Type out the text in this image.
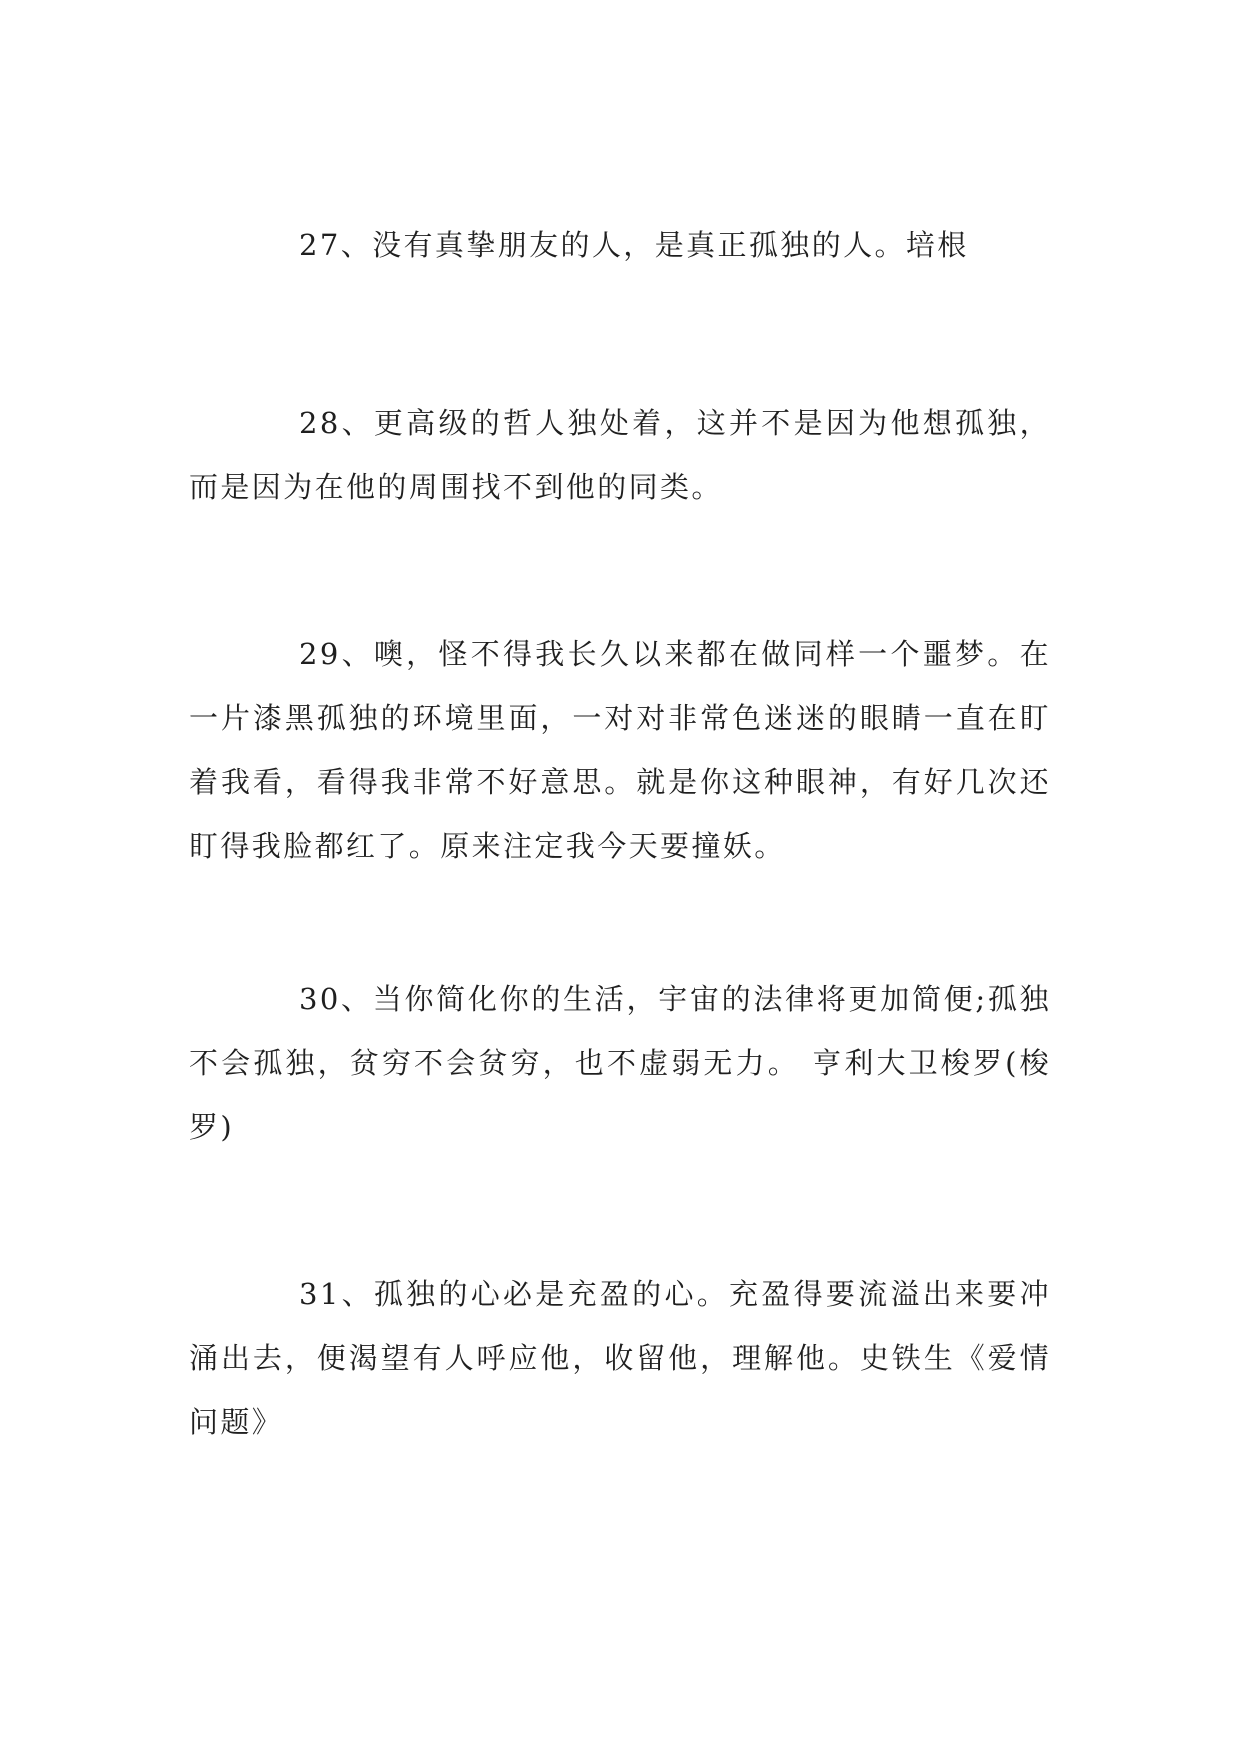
27、没有真挚朋友的人，是真正孤独的人。培根

28、更高级的哲人独处着，这并不是因为他想孤独，而是因为在他的周围找不到他的同类。

29、噢，怪不得我长久以来都在做同样一个噩梦。在一片漆黑孤独的环境里面，一对对非常色迷迷的眼睛一直在盯着我看，看得我非常不好意思。就是你这种眼神，有好几次还盯得我脸都红了。原来注定我今天要撞妖。

30、当你简化你的生活，宇宙的法律将更加简便;孤独不会孤独，贫穷不会贫穷，也不虚弱无力。 亨利大卫梭罗(梭罗)

31、孤独的心必是充盈的心。充盈得要流溢出来要冲涌出去，便渴望有人呼应他，收留他，理解他。史铁生《爱情问题》
